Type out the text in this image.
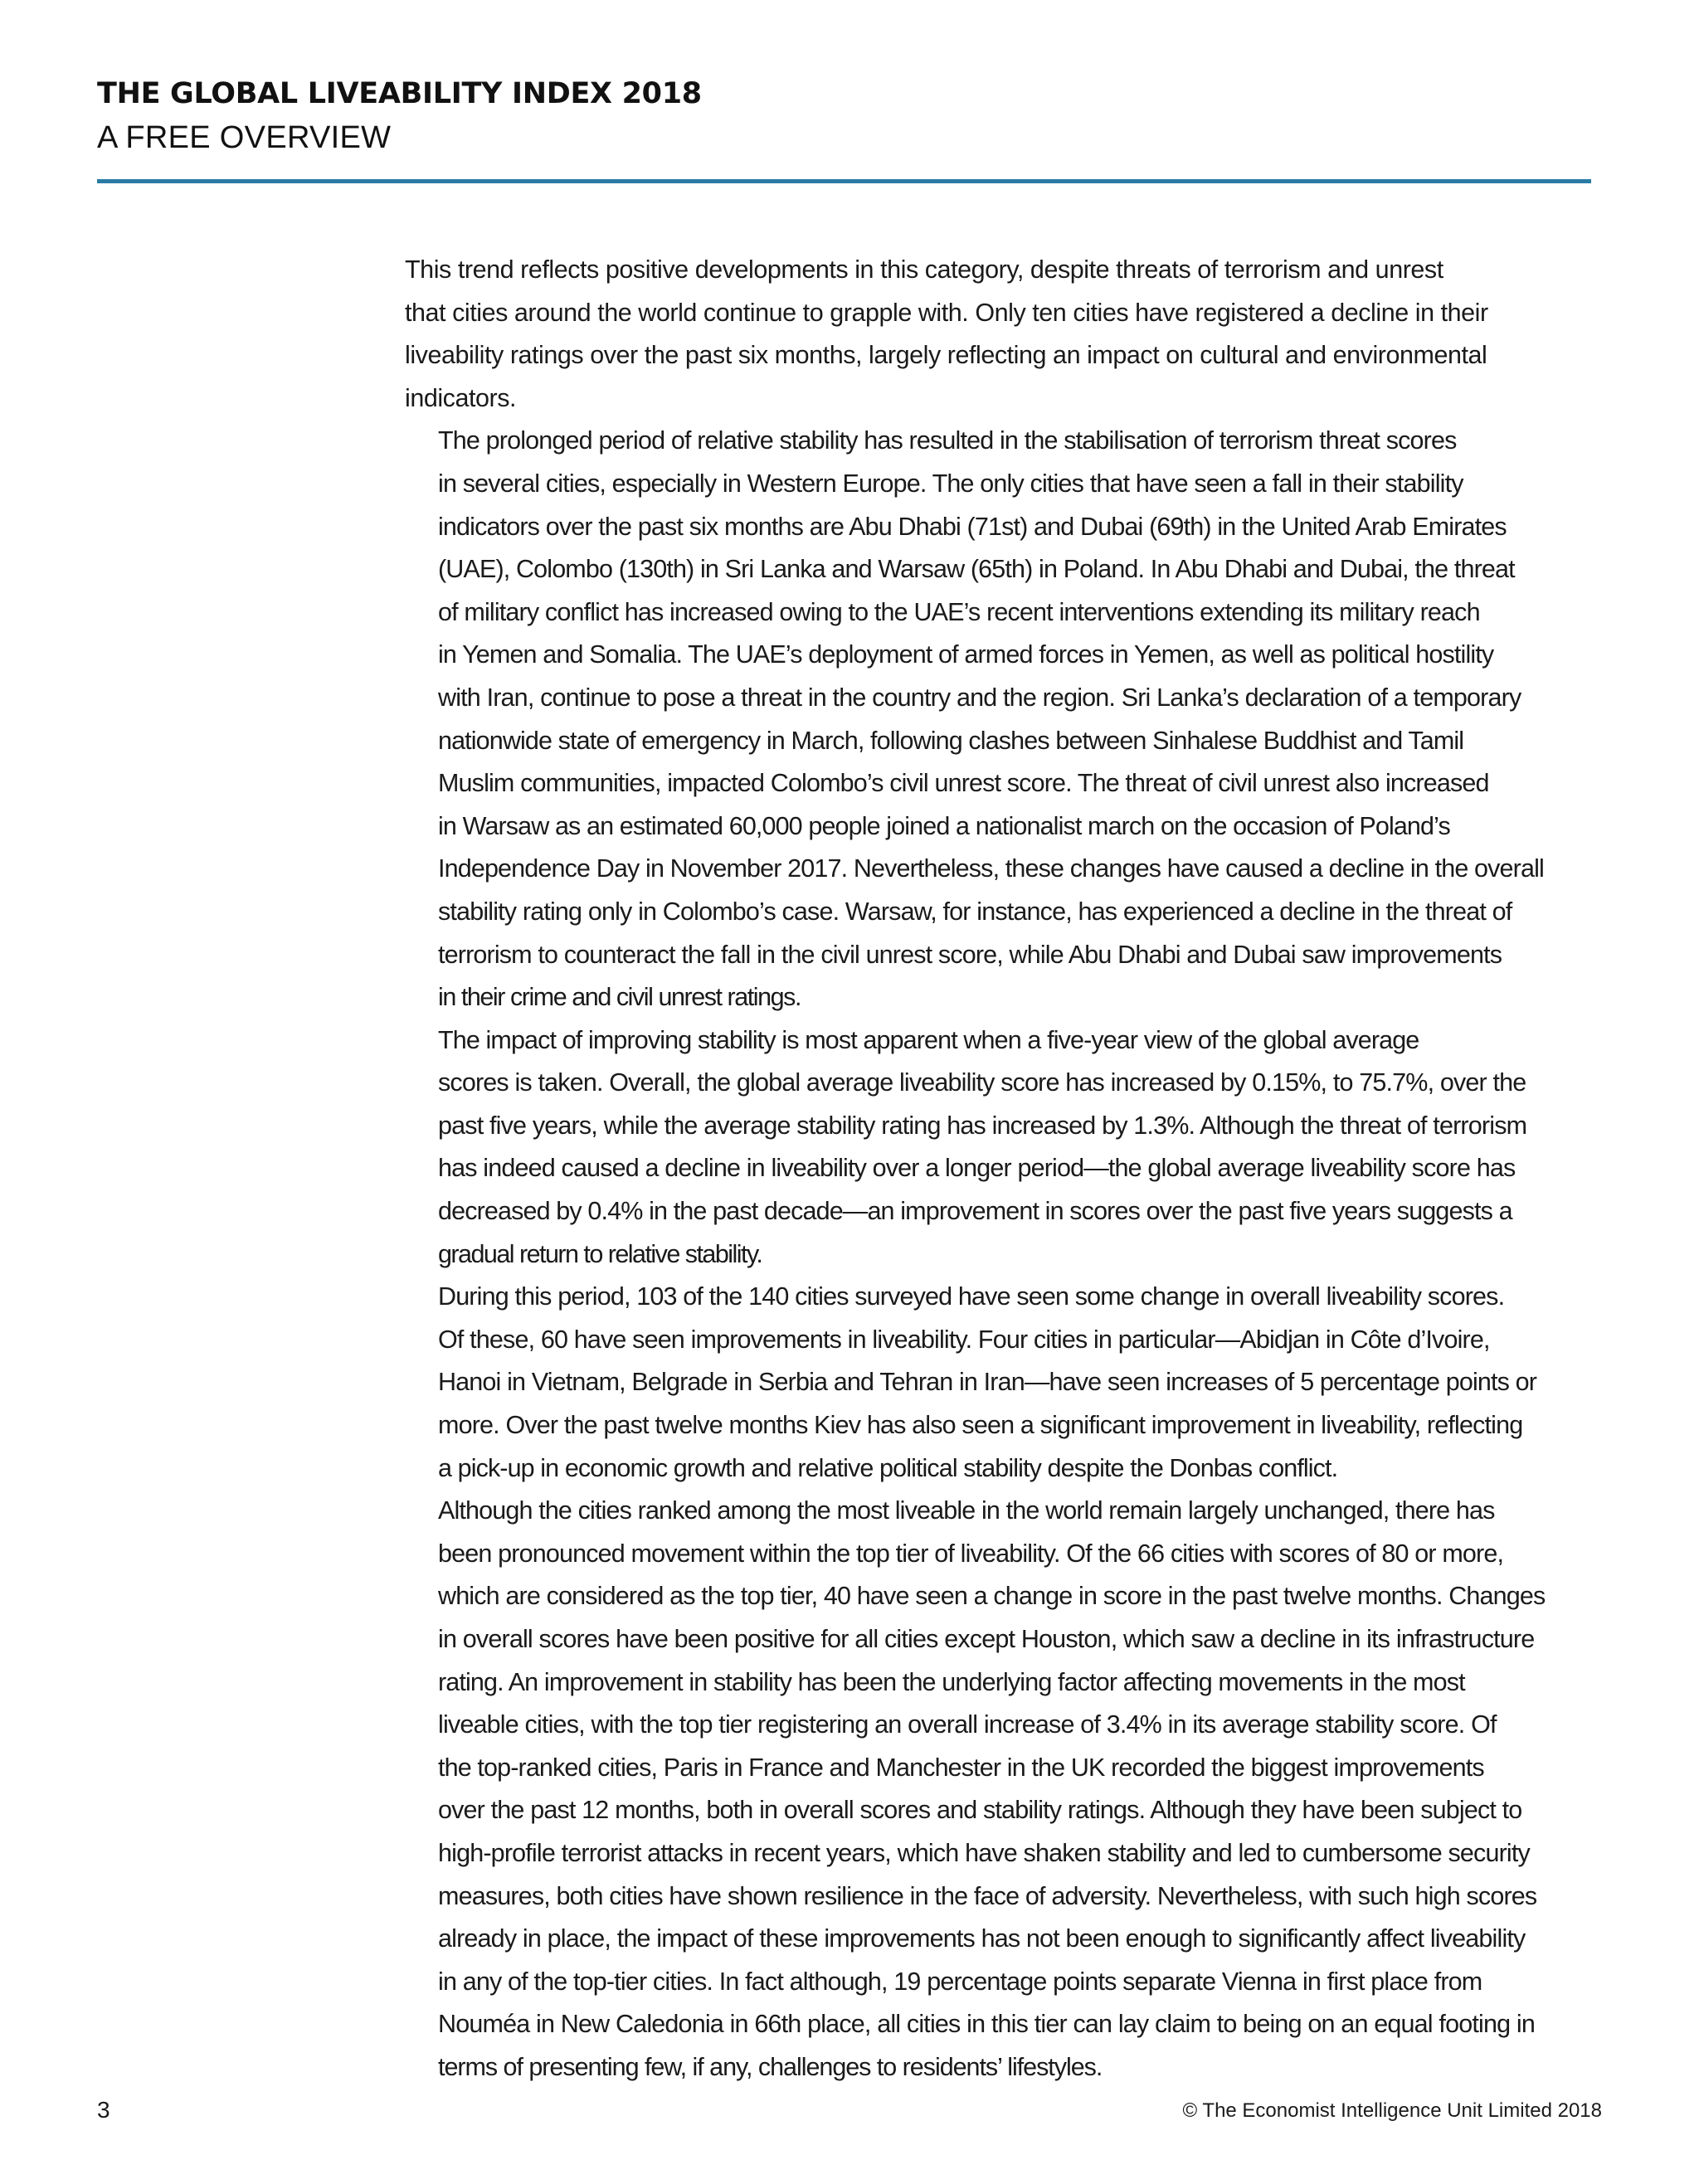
THE GLOBAL LIVEABILITY INDEX 2018
A FREE OVERVIEW

This trend reflects positive developments in this category, despite threats of terrorism and unrest
that cities around the world continue to grapple with. Only ten cities have registered a decline in their
liveability ratings over the past six months, largely reflecting an impact on cultural and environmental
indicators.

The prolonged period of relative stability has resulted in the stabilisation of terrorism threat scores
in several cities, especially in Western Europe. The only cities that have seen a fall in their stability
indicators over the past six months are Abu Dhabi (71st) and Dubai (69th) in the United Arab Emirates
(UAE), Colombo (130th) in Sri Lanka and Warsaw (65th) in Poland. In Abu Dhabi and Dubai, the threat
of military conflict has increased owing to the UAE’s recent interventions extending its military reach
in Yemen and Somalia. The UAE’s deployment of armed forces in Yemen, as well as political hostility
with Iran, continue to pose a threat in the country and the region. Sri Lanka’s declaration of a temporary
nationwide state of emergency in March, following clashes between Sinhalese Buddhist and Tamil
Muslim communities, impacted Colombo’s civil unrest score. The threat of civil unrest also increased
in Warsaw as an estimated 60,000 people joined a nationalist march on the occasion of Poland’s
Independence Day in November 2017. Nevertheless, these changes have caused a decline in the overall
stability rating only in Colombo’s case. Warsaw, for instance, has experienced a decline in the threat of
terrorism to counteract the fall in the civil unrest score, while Abu Dhabi and Dubai saw improvements
in their crime and civil unrest ratings.

The impact of improving stability is most apparent when a five-year view of the global average
scores is taken. Overall, the global average liveability score has increased by 0.15%, to 75.7%, over the
past five years, while the average stability rating has increased by 1.3%. Although the threat of terrorism
has indeed caused a decline in liveability over a longer period—the global average liveability score has
decreased by 0.4% in the past decade—an improvement in scores over the past five years suggests a
gradual return to relative stability.

During this period, 103 of the 140 cities surveyed have seen some change in overall liveability scores.
Of these, 60 have seen improvements in liveability. Four cities in particular—Abidjan in Côte d’Ivoire,
Hanoi in Vietnam, Belgrade in Serbia and Tehran in Iran—have seen increases of 5 percentage points or
more. Over the past twelve months Kiev has also seen a significant improvement in liveability, reflecting
a pick-up in economic growth and relative political stability despite the Donbas conflict.

Although the cities ranked among the most liveable in the world remain largely unchanged, there has
been pronounced movement within the top tier of liveability. Of the 66 cities with scores of 80 or more,
which are considered as the top tier, 40 have seen a change in score in the past twelve months. Changes
in overall scores have been positive for all cities except Houston, which saw a decline in its infrastructure
rating. An improvement in stability has been the underlying factor affecting movements in the most
liveable cities, with the top tier registering an overall increase of 3.4% in its average stability score. Of
the top-ranked cities, Paris in France and Manchester in the UK recorded the biggest improvements
over the past 12 months, both in overall scores and stability ratings. Although they have been subject to
high-profile terrorist attacks in recent years, which have shaken stability and led to cumbersome security
measures, both cities have shown resilience in the face of adversity. Nevertheless, with such high scores
already in place, the impact of these improvements has not been enough to significantly affect liveability
in any of the top-tier cities. In fact although, 19 percentage points separate Vienna in first place from
Nouméa in New Caledonia in 66th place, all cities in this tier can lay claim to being on an equal footing in
terms of presenting few, if any, challenges to residents’ lifestyles.

3	© The Economist Intelligence Unit Limited 2018
